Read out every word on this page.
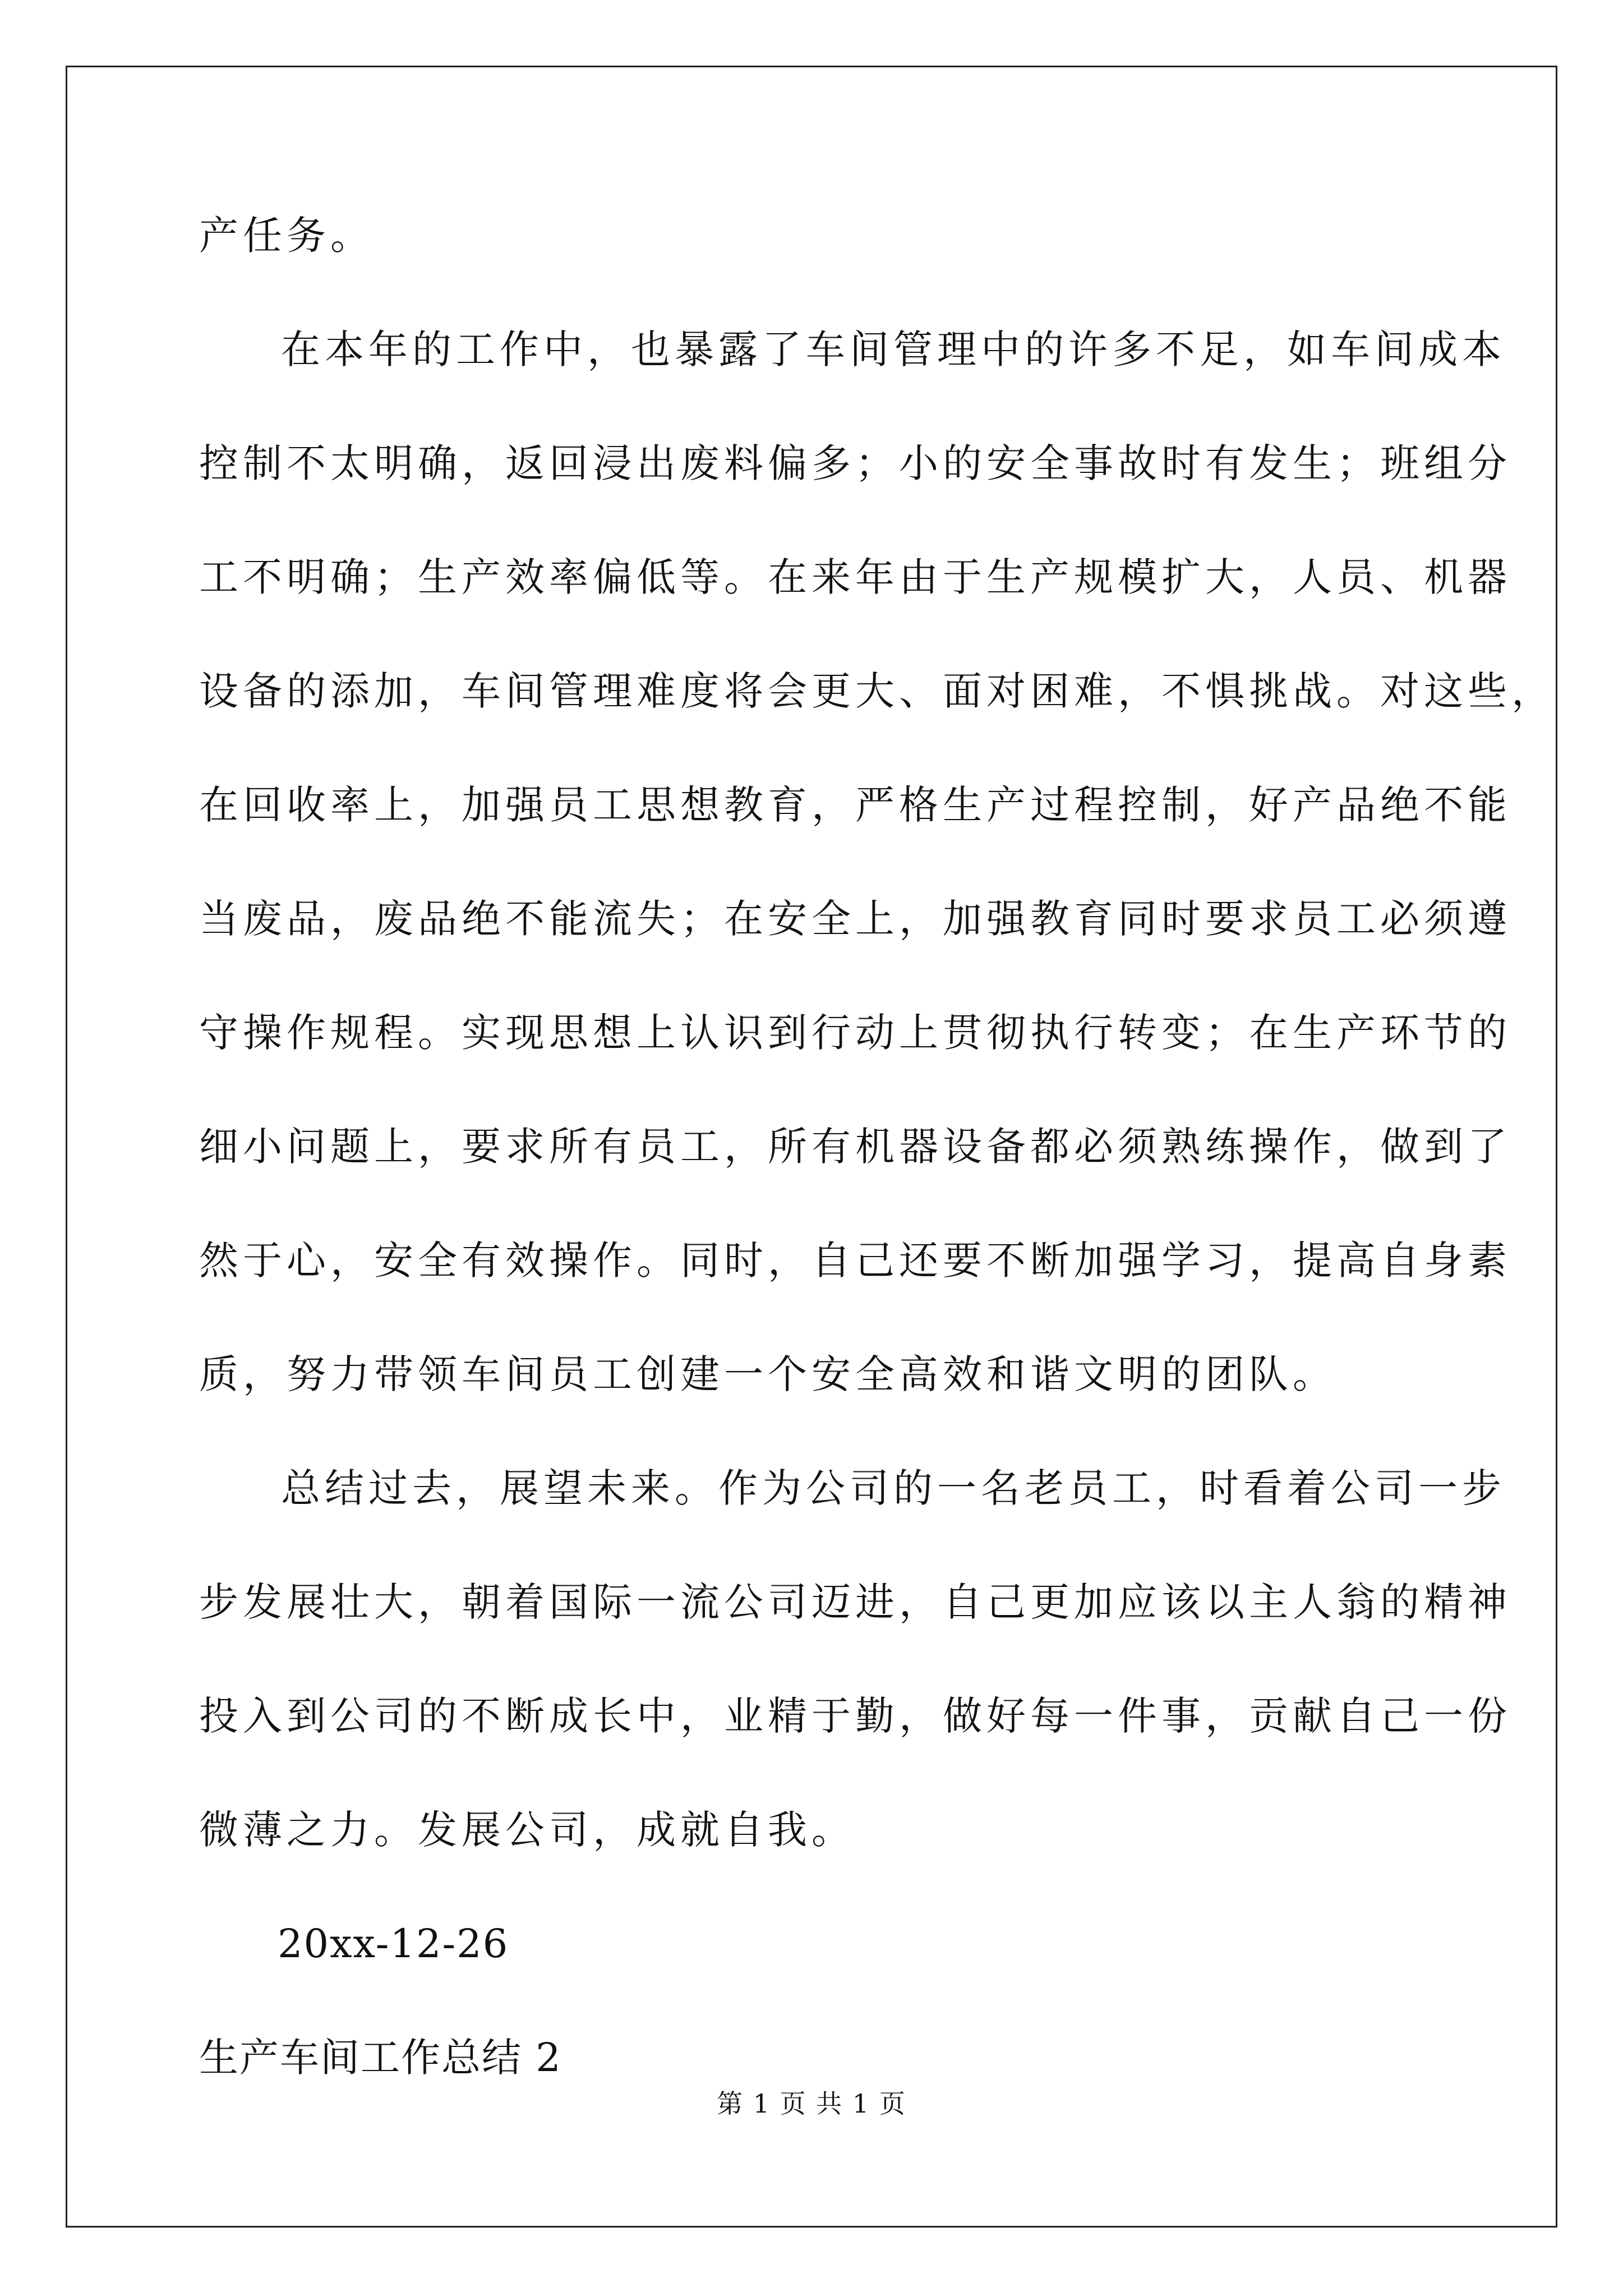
产任务。
在本年的工作中，也暴露了车间管理中的许多不足，如车间成本
控制不太明确，返回浸出废料偏多；小的安全事故时有发生；班组分
工不明确；生产效率偏低等。在来年由于生产规模扩大，人员、机器
设备的添加，车间管理难度将会更大、面对困难，不惧挑战。对这些，
在回收率上，加强员工思想教育，严格生产过程控制，好产品绝不能
当废品，废品绝不能流失；在安全上，加强教育同时要求员工必须遵
守操作规程。实现思想上认识到行动上贯彻执行转变；在生产环节的
细小问题上，要求所有员工，所有机器设备都必须熟练操作，做到了
然于心，安全有效操作。同时，自己还要不断加强学习，提高自身素
质，努力带领车间员工创建一个安全高效和谐文明的团队。
总结过去，展望未来。作为公司的一名老员工，时看着公司一步
步发展壮大，朝着国际一流公司迈进，自己更加应该以主人翁的精神
投入到公司的不断成长中，业精于勤，做好每一件事，贡献自己一份
微薄之力。发展公司，成就自我。
20xx-12-26
生产车间工作总结 2
第 1 页 共 1 页
